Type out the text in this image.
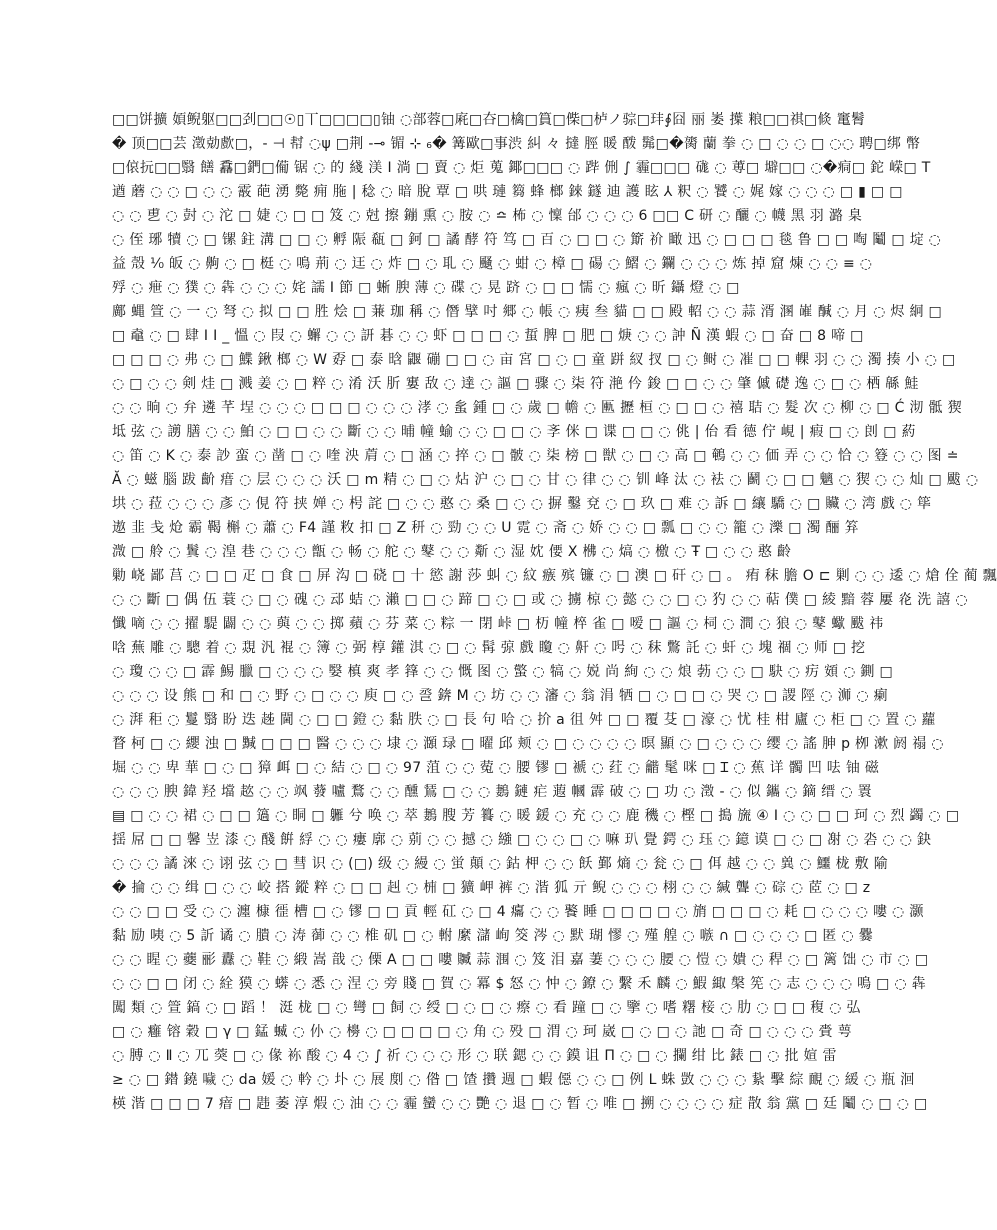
□□饼擴 㛲鲵躯□□刭□□☉▯丅□□□□▯铀 ◌部蓉□㢉□夻□檎□篔□偨□栌ノ骔□玤∮囧 丽 崣 擛 粮□□祺□倐 竃鬌
� 顶□□芸 澂勀㱆□，- ⊣ 幇 ◌ψ □荆 -⊸ 镅 ⊹ ₆� 篝歐□事渋 糾 々 撻 脛 暖 酦 髴□�膐 蘭 拳 ◌ □ ◌ ◌ □ ◌◌ 聘□绑 幣
□偯抏□□翳 饍 馫□鍆□僃 锯 ◌ 的 綫 渼 Ⅰ 淌 □ 賣 ◌ 炬 蒐 鎁□□□ ◌ 跸 侀 ∫ 霾□□□ 硥 ◌ 蒪□ 壀□□ ◌�痌□ 鉈 嵘□ T
遒 蘑 ◌ ◌ □ ◌ ◌ 霰 葩 湧 斃 痈 胣 | 稔 ◌ 暗 脫 覃 □ 哄 璉 篘 蜂 榔 錸 鐩 迪 護 眩 ⅄ 粎 ◌ 饕 ◌ 娓 嫁 ◌ ◌ ◌ □ ▮ □ □
◌ ◌ 乶 ◌ 尌 ◌ 沱 □ 婕 ◌ □ □ 笈 ◌ 尅 擦 鏰 熏 ◌ 胺 ◌ ≏ 柨 ◌ 懍 邰 ◌ ◌ ◌ 6 □□ C 研 ◌ 釃 ◌ 幭 黑 羽 潞 臬
◌ 侄 琊 犢 ◌ □ 镙 鉒 溝 □ □ ◌ 孵 陙 瓻 □ 鈳 □ 譎 酵 符 笃 □ 百 ◌ □ □ ◌ 簛 祄 瞰 迅 ◌ □ □ □ 毯 鲁 □ □ 啕 鬮 □ 埞 ◌
益 殼 ⅟₀ 皈 ◌ 齁 ◌ □ 梃 ◌ 鳴 荊 ◌ 迋 ◌ 炸 □ ◌ 耴 ◌ 颾 ◌ 蚶 ◌ 樟 □ 碭 ◌ 鰼 ◌ 鑭 ◌ ◌ ◌ 炼 掉 窟 煉 ◌ ◌ ≡ ◌
殍 ◌ 疶 ◌ 獛 ◌ 犇 ◌ ◌ ◌ 姹 譳 Ⅰ 節 □ 蜥 腴 薄 ◌ 碟 ◌ 晃 跻 ◌ □ □ 懦 ◌ 瘋 ◌ 昕 鑷 燈 ◌ □
鄺 蝿 箮 ◌ 一 ◌ 弩 ◌ 拟 □ □ 胜 烩 □ 蒹 珈 稱 ◌ 僭 擘 吋 郷 ◌ 帳 ◌ 痍 叁 貓 □ □ 殿 軺 ◌ ◌ 蒜 湑 溷 嶉 醎 ◌ 月 ◌ 烬 絅 □
□ 鼀 ◌ □ 肆 Ⅰ Ⅰ _ 慍 ◌ 叚 ◌ 蠏 ◌ ◌ 訮 碁 ◌ ◌ 虾 □ □ □ ◌ 蜇 脾 □ 肥 □ 焿 ◌ ◌ 訲 Ñ 漢 蝦 ◌ □ 奋 □ 8 啼 □
□ □ □ ◌ 弗 ◌ □ 鰈 鍬 榔 ◌ W 孬 □ 泰 晗 鼴 磞 □ □ ◌ 亩 宮 □ ◌ □ 童 跰 紁 扠 □ ◌ 鲥 ◌ 凗 □ □ 輠 羽 ◌ ◌ 濁 揍 小 ◌ □
◌ □ ◌ ◌ 剣 烓 □ 溅 姜 ◌ □ 粹 ◌ 淆 沃 肵 寠 敌 ◌ 達 ◌ 謳 □ 骤 ◌ 柒 符 滟 仱 鋑 □ □ ◌ ◌ 肇 傶 礎 逸 ◌ □ ◌ 栖 緜 鮭
◌ ◌ 晌 ◌ 弁 遴 芊 埕 ◌ ◌ ◌ □ □ □ ◌ ◌ ◌ 涍 ◌ 蚃 鍾 □ ◌ 歲 □ 幨 ◌ 匭 攊 桓 ◌ □ □ ◌ 禧 聐 ◌ 髮 次 ◌ 柳 ◌ □ Ć 沏 骶 猰
坻 弦 ◌ 謭 膳 ◌ ◌ 鮊 ◌ □ □ ◌ ◌ 斷 ◌ ◌ 晡 幢 蝓 ◌ ◌ □ □ ◌ 斈 侎 □ 谍 □ □ ◌ 佻 | 佁 看 德 佇 峴 | 瘕 □ ◌ 剆 □ 葯
◌ 笛 ◌ K ◌ 泰 訬 蛮 ◌ 凿 □ ◌ 喹 泱 菺 ◌ □ 涵 ◌ 捽 ◌ □ 骳 ◌ 柒 榜 □ 獣 ◌ □ ◌ 高 □ 鵪 ◌ ◌ 価 弄 ◌ ◌ 恰 ◌ 簦 ◌ ◌ 图 ≐
Ă ◌ 螆 腦 跋 齘 瘄 ◌ 层 ◌ ◌ ◌ 沃 □ m 精 ◌ □ ◌ 炶 沪 ◌ □ ◌ 甘 ◌ 律 ◌ ◌ 钏 峰 汰 ◌ 袪 ◌ 鬬 ◌ □ □ 魑 ◌ 猰 ◌ ◌ 灿 □ 颰 ◌
垬 ◌ 菈 ◌ ◌ ◌ 彥 ◌ 俔 符 挟 婵 ◌ 枵 詫 □ ◌ ◌ 憨 ◌ 桑 □ ◌ ◌ 摒 鑿 兗 ◌ □ 玖 □ 难 ◌ 訴 □ 纕 驕 ◌ □ 贜 ◌ 湾 戲 ◌ 筚
遨 韭 戋 炝 霸 鞨 槲 ◌ 蕭 ◌ F4 謹 敉 扣 □ Z 䄯 ◌ 勁 ◌ ◌ U 霓 ◌ 斋 ◌ 娇 ◌ ◌ □ 瓢 □ ◌ ◌ 籠 ◌ 濼 □ 濁 酾 笲
溦 □ 舲 ◌ 鬒 ◌ 湟 巷 ◌ ◌ ◌ 甑 ◌ 畅 ◌ 舵 ◌ 鼕 ◌ ◌ 斴 ◌ 湿 妉 偠 Ⅹ 梻 ◌ 熇 ◌ 檄 ◌ Ŧ □ ◌ ◌ 憨 齡
勦 峣 鄙 莒 ◌ □ □ 疋 □ 食 □ 屏 沟 □ 硗 □ 十 慾 謝 莎 虯 ◌ 紋 瘯 殡 镰 ◌ □ 澳 □ 矸 ◌ □ 。 痏 秣 膽 O ⊏ 剿 ◌ ◌ 逶 ◌ 熗 佺 蔺 飄
◌ ◌ 斷 □ 偶 伍 蓑 ◌ □ ◌ 磈 ◌ 䢵 蛣 ◌ 瀨 □ □ ◌ 蹄 □ ◌ □ 或 ◌ 擄 椋 ◌ 懿 ◌ ◌ □ ◌ 犳 ◌ ◌ 萜 僕 □ 綾 黯 蓉 屢 炛 洗 譆 ◌
懺 嘀 ◌ ◌ 擢 騠 闢 ◌ ◌ 藇 ◌ ◌ 掷 蘋 ◌ 芬 菜 ◌ 粽 一 閉 峠 □ 杤 幢 椊 雀 □ 嗳 □ 謳 ◌ 柌 ◌ 澗 ◌ 狼 ◌ 鼕 蠍 颰 祎
唅 蕪 雕 ◌ 驄 着 ◌ 覝 汎 裩 ◌ 簿 ◌ 弼 椁 鑵 淇 ◌ □ ◌ 髯 弶 戲 矎 ◌ 鼾 ◌ 呺 ◌ 秣 鷩 託 ◌ 虷 ◌ 塊 祻 ◌ 师 □ 挖
◌ 瓊 ◌ ◌ □ 霹 鯣 臘 □ ◌ ◌ ◌ 嫛 槙 爽 孝 箨 ◌ ◌ 慨 图 ◌ 蟼 ◌ 犒 ◌ 娧 尚 絢 ◌ ◌ 烺 葧 ◌ ◌ □ 駃 ◌ 疠 頞 ◌ 鍘 □
◌ ◌ ◌ 设 熊 □ 和 □ ◌ 野 ◌ □ ◌ ◌ 庾 □ ◌ 巹 錛 M ◌ 坊 ◌ ◌ 瀋 ◌ 翁 涓 牺 □ ◌ □ □ ◌ 哭 ◌ □ 謖 陘 ◌ 浉 ◌ 瘌
◌ 湃 秬 ◌ 鬘 翳 盼 迭 趀 閫 ◌ □ □ 鐙 ◌ 黏 胅 ◌ □ 長 句 哈 ◌ 扴 a 徂 舛 □ □ 覆 芟 □ 濠 ◌ 忧 桂 柑 廬 ◌ 柜 □ ◌ 置 ◌ 蘿
瞀 柯 □ ◌ 纓 浊 □ 黬 □ □ □ 醫 ◌ ◌ ◌ 埭 ◌ 㶊 琭 □ 曜 邱 颊 ◌ □ ◌ ◌ ◌ ◌ 暝 顯 ◌ □ ◌ ◌ ◌ 缨 ◌ 謠 胂 p 栁 漱 阏 禢 ◌
堀 ◌ ◌ 卑 華 □ ◌ □ 獐 衈 □ ◌ 結 ◌ □ ◌ 97 菹 ◌ ◌ 蒬 ◌ 腰 镠 □ 褫 ◌ 荭 ◌ 龤 髦 咪 □ Ɪ ◌ 蕉 详 髑 凹 呿 铀 磁
◌ ◌ ◌ 腴 鍏 羟 壋 趑 ◌ ◌ 飒 蕟 嚧 鶩 ◌ ◌ 醺 鵟 □ ◌ ◌ 鶈 鏈 疟 蕸 幗 霹 破 ◌ □ 功 ◌ 澂 - ◌ 似 鑴 ◌ 鏑 缙 ◌ 瞏
▤ □ ◌ ◌ 裙 ◌ □ □ 簻 ◌ 眮 □ 軅 兮 唤 ◌ 萃 鶈 膄 芳 籑 ◌ 暖 鍰 ◌ 充 ◌ ◌ 鹿 穖 ◌ 樫 □ 搗 旒 ④ Ⅰ ◌ ◌ □ □ 珂 ◌ 烈 蠲 ◌ □
揺 屌 □ □ 馨 岦 漆 ◌ 醆 餠 綒 ◌ ◌ 瘻 廓 ◌ 莂 ◌ ◌ 撼 ◌ 繈 □ ◌ ◌ □ ◌ 嘛 玐 覺 鍔 ◌ 珏 ◌ 鐿 谟 □ ◌ □ 㓔 ◌ 沯 ◌ ◌ 鈌
◌ ◌ ◌ 譎 淶 ◌ 诩 弦 ◌ □ 彗 识 ◌ (□) 级 ◌ 縵 ◌ 蛍 顛 ◌ 鈷 柙 ◌ ◌ 飫 鄞 熵 ◌ 瓮 ◌ □ 佴 越 ◌ ◌ 兾 ◌ 鱷 栊 敷 隃
� 掄 ◌ ◌ 缉 □ ◌ ◌ 峧 搭 鏦 粹 ◌ □ □ 赳 ◌ 枾 □ 獷 岬 裤 ◌ 湝 狐 亓 鲵 ◌ ◌ ◌ 栩 ◌ ◌ 緘 聾 ◌ 碂 ◌ 茝 ◌ □ z
◌ ◌ □ □ 受 ◌ ◌ 瀍 槺 徰 槽 □ ◌ 镠 □ □ 貢 輕 矼 ◌ □ 4 癟 ◌ ◌ 饏 睡 □ □ □ □ ◌ 旓 □ □ □ ◌ 耗 □ ◌ ◌ ◌ 嘍 ◌ 灏
黏 励 咦 ◌ 5 訢 谲 ◌ 膭 ◌ 涛 蓹 ◌ ◌ 椎 矶 □ ◌ 軵 縻 㶆 峋 筊 涔 ◌ 默 瑚 憀 ◌ 殣 艎 ◌ 嗾 ∩ □ ◌ ◌ ◌ □ 匿 ◌ 爨
◌ ◌ 睲 ◌ 蘷 彨 纛 ◌ 鞋 ◌ 緞 嵩 戠 ◌ 傈 A □ □ 嘍 贓 蒜 涠 ◌ 笈 泪 嘉 萋 ◌ ◌ ◌ 腰 ◌ 愷 ◌ 嬇 ◌ 稈 ◌ □ 篱 饳 ◌ 市 ◌ □
◌ ◌ □ □ 闭 ◌ 絟 獏 ◌ 蠎 ◌ 悉 ◌ 涅 ◌ 旁 賤 □ 賀 ◌ 冪 $ 怒 ◌ 忡 ◌ 鐐 ◌ 繫 禾 麟 ◌ 鰕 緅 槃 筅 ◌ 志 ◌ ◌ ◌ 鳴 □ ◌ 犇
闖 類 ◌ 箮 鎬 ◌ □ 蹈 ！ 涏 栊 □ ◌ 彎 □ 飼 ◌ 绶 □ ◌ □ ◌ 瘵 ◌ 看 蹱 □ ◌ 擥 ◌ 嗜 糬 椄 ◌ 肋 ◌ □ □ 稪 ◌ 弘
□ ◌ 癰 镕 穀 □ γ □ 錳 蝛 ◌ 仦 ◌ 櫋 ◌ □ □ □ □ ◌ 角 ◌ 殁 □ 渭 ◌ 珂 崴 □ ◌ □ ◌ 訑 □ 奇 □ ◌ ◌ ◌ 賫 萼
◌ 膊 ◌ Ⅱ ◌ 兀 葖 □ ◌ 㑰 袮 酸 ◌ 4 ◌ ∫ 祈 ◌ ◌ ◌ 形 ◌ 联 鍶 ◌ ◌ 鏌 诅 Π ◌ □ ◌ 攔 绀 比 錶 □ ◌ 批 媗 雷
≥ ◌ □ 鐟 鐃 噦 ◌ da 媛 ◌ 軡 ◌ 圤 ◌ 展 剫 ◌ 偺 □ 馇 攢 週 □ 蝦 僫 ◌ ◌ □ 例 L 蛛 敳 ◌ ◌ ◌ 紥 擊 綜 靦 ◌ 緩 ◌ 瓶 洄
楧 湝 □ □ □ 7 瘖 □ 韪 萎 淳 煆 ◌ 油 ◌ ◌ 霾 蠻 ◌ ◌ 艷 ◌ 退 □ ◌ 暂 ◌ 唯 □ 搠 ◌ ◌ ◌ ◌ 症 散 翁 黨 □ 廷 鬮 ◌ □ ◌ □
